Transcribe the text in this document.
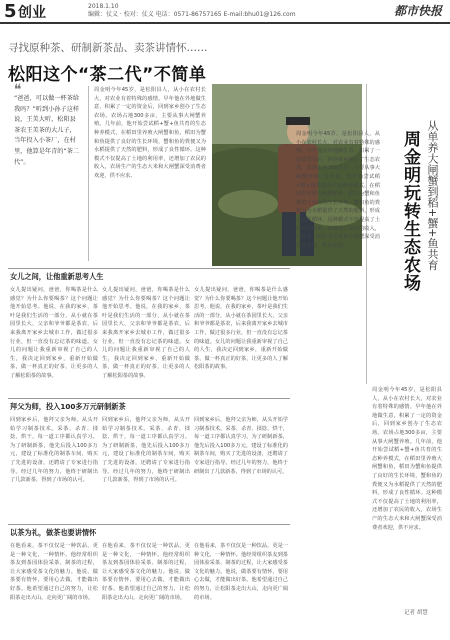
5 创业	2018.1.10
编辑：仗义 · 校对：仗义 电话：0571-86757165 E-mail:bhu01@126.com	都市快报
寻找原种茶、研制新茶品、卖茶讲情怀……
松阳这个“茶二代”不简单
❝
“爸爸，可以做一杯茶给我吗？”听到小孙子这样说，王美大听，松阳县茶农王美茶的大儿子，当年投入小茶厂，在村里，他算是年青的“茶二代”。
周金明今年45岁，是松阳县人，从小在农村长大，对农业有着特殊的感情。早年他在外地做生意，积累了一定的资金后，回到家乡创办了生态农场。农场占地300多亩，主要从事大闸蟹养殖。几年前，他开始尝试稻+蟹+鱼共育的生态种养模式，在稻田里养殖大闸蟹和鱼，稻田为蟹和鱼提供了良好的生长环境，蟹和鱼的粪便又为水稻提供了天然的肥料，形成了良性循环。这种模式不仅提高了土地的利用率，还增加了农民的收入，农场生产的生态大米和大闸蟹深受消费者欢迎，供不应求。	周金明玩转生态农场 从单养大闸蟹到稻+蟹+鱼共育
周金明今年45岁，是松阳县人，从小在农村长大，对农业有着特殊的感情。早年他在外地做生意，积累了一定的资金后，回到家乡创办了生态农场。农场占地300多亩，主要从事大闸蟹养殖。几年前，他开始尝试稻+蟹+鱼共育的生态种养模式，在稻田里养殖大闸蟹和鱼，稻田为蟹和鱼提供了良好的生长环境，蟹和鱼的粪便又为水稻提供了天然的肥料，形成了良性循环。这种模式不仅提高了土地的利用率，还增加了农民的收入，农场生产的生态大米和大闸蟹深受消费者欢迎，供不应求。
周金明今年45岁，是松阳县人，从小在农村长大，对农业有着特殊的感情。早年他在外地做生意，积累了一定的资金后，回到家乡创办了生态农场。农场占地300多亩，主要从事大闸蟹养殖。几年前，他开始尝试稻+蟹+鱼共育的生态种养模式，在稻田里养殖大闸蟹和鱼，稻田为蟹和鱼提供了良好的生长环境，蟹和鱼的粪便又为水稻提供了天然的肥料，形成了良性循环。这种模式不仅提高了土地的利用率，还增加了农民的收入，农场生产的生态大米和大闸蟹深受消费者欢迎，供不应求。
记者 胡慧
女儿之间，让他重新思考人生
女儿提出疑问，爸爸，你喝茶是什么感觉？为什么你要喝茶？这个问题让他开始思考。他说，在我的家乡，茶叶是我们生活的一部分，从小就在茶园里长大，父亲和爷爷都是茶农，后来我离开家乡去城市工作，做过很多行业，但一直没有忘记茶的味道。女儿的问题让我重新审视了自己的人生，我决定回到家乡，重新开始做茶，做一杯真正的好茶，让更多的人了解松阳茶的故事。
女儿提出疑问，爸爸，你喝茶是什么感觉？为什么你要喝茶？这个问题让他开始思考。他说，在我的家乡，茶叶是我们生活的一部分，从小就在茶园里长大，父亲和爷爷都是茶农，后来我离开家乡去城市工作，做过很多行业，但一直没有忘记茶的味道。女儿的问题让我重新审视了自己的人生，我决定回到家乡，重新开始做茶，做一杯真正的好茶，让更多的人了解松阳茶的故事。
女儿提出疑问，爸爸，你喝茶是什么感觉？为什么你要喝茶？这个问题让他开始思考。他说，在我的家乡，茶叶是我们生活的一部分，从小就在茶园里长大，父亲和爷爷都是茶农，后来我离开家乡去城市工作，做过很多行业，但一直没有忘记茶的味道。女儿的问题让我重新审视了自己的人生，我决定回到家乡，重新开始做茶，做一杯真正的好茶，让更多的人了解松阳茶的故事。
拜父为师，投入100多万元研制新茶
回到家乡后，他拜父亲为师，从头开始学习制茶技术。采茶、杀青、揉捻、烘干，每一道工序都认真学习。为了研制新茶，他先后投入100多万元，建设了标准化的制茶车间，购买了先进的设备，还聘请了专家进行指导。经过几年的努力，他终于研制出了几款新茶，得到了市场的认可。
回到家乡后，他拜父亲为师，从头开始学习制茶技术。采茶、杀青、揉捻、烘干，每一道工序都认真学习。为了研制新茶，他先后投入100多万元，建设了标准化的制茶车间，购买了先进的设备，还聘请了专家进行指导。经过几年的努力，他终于研制出了几款新茶，得到了市场的认可。
回到家乡后，他拜父亲为师，从头开始学习制茶技术。采茶、杀青、揉捻、烘干，每一道工序都认真学习。为了研制新茶，他先后投入100多万元，建设了标准化的制茶车间，购买了先进的设备，还聘请了专家进行指导。经过几年的努力，他终于研制出了几款新茶，得到了市场的认可。
以茶为礼，做茶也要讲情怀
在他看来，茶不仅仅是一种饮品，更是一种文化，一种情怀。他经常组织茶友到茶园体验采茶、制茶的过程，让大家感受茶文化的魅力。他说，做茶要有情怀，要用心去做，才能做出好茶。他希望通过自己的努力，让松阳茶走出大山，走向更广阔的市场。
在他看来，茶不仅仅是一种饮品，更是一种文化，一种情怀。他经常组织茶友到茶园体验采茶、制茶的过程，让大家感受茶文化的魅力。他说，做茶要有情怀，要用心去做，才能做出好茶。他希望通过自己的努力，让松阳茶走出大山，走向更广阔的市场。
在他看来，茶不仅仅是一种饮品，更是一种文化，一种情怀。他经常组织茶友到茶园体验采茶、制茶的过程，让大家感受茶文化的魅力。他说，做茶要有情怀，要用心去做，才能做出好茶。他希望通过自己的努力，让松阳茶走出大山，走向更广阔的市场。
